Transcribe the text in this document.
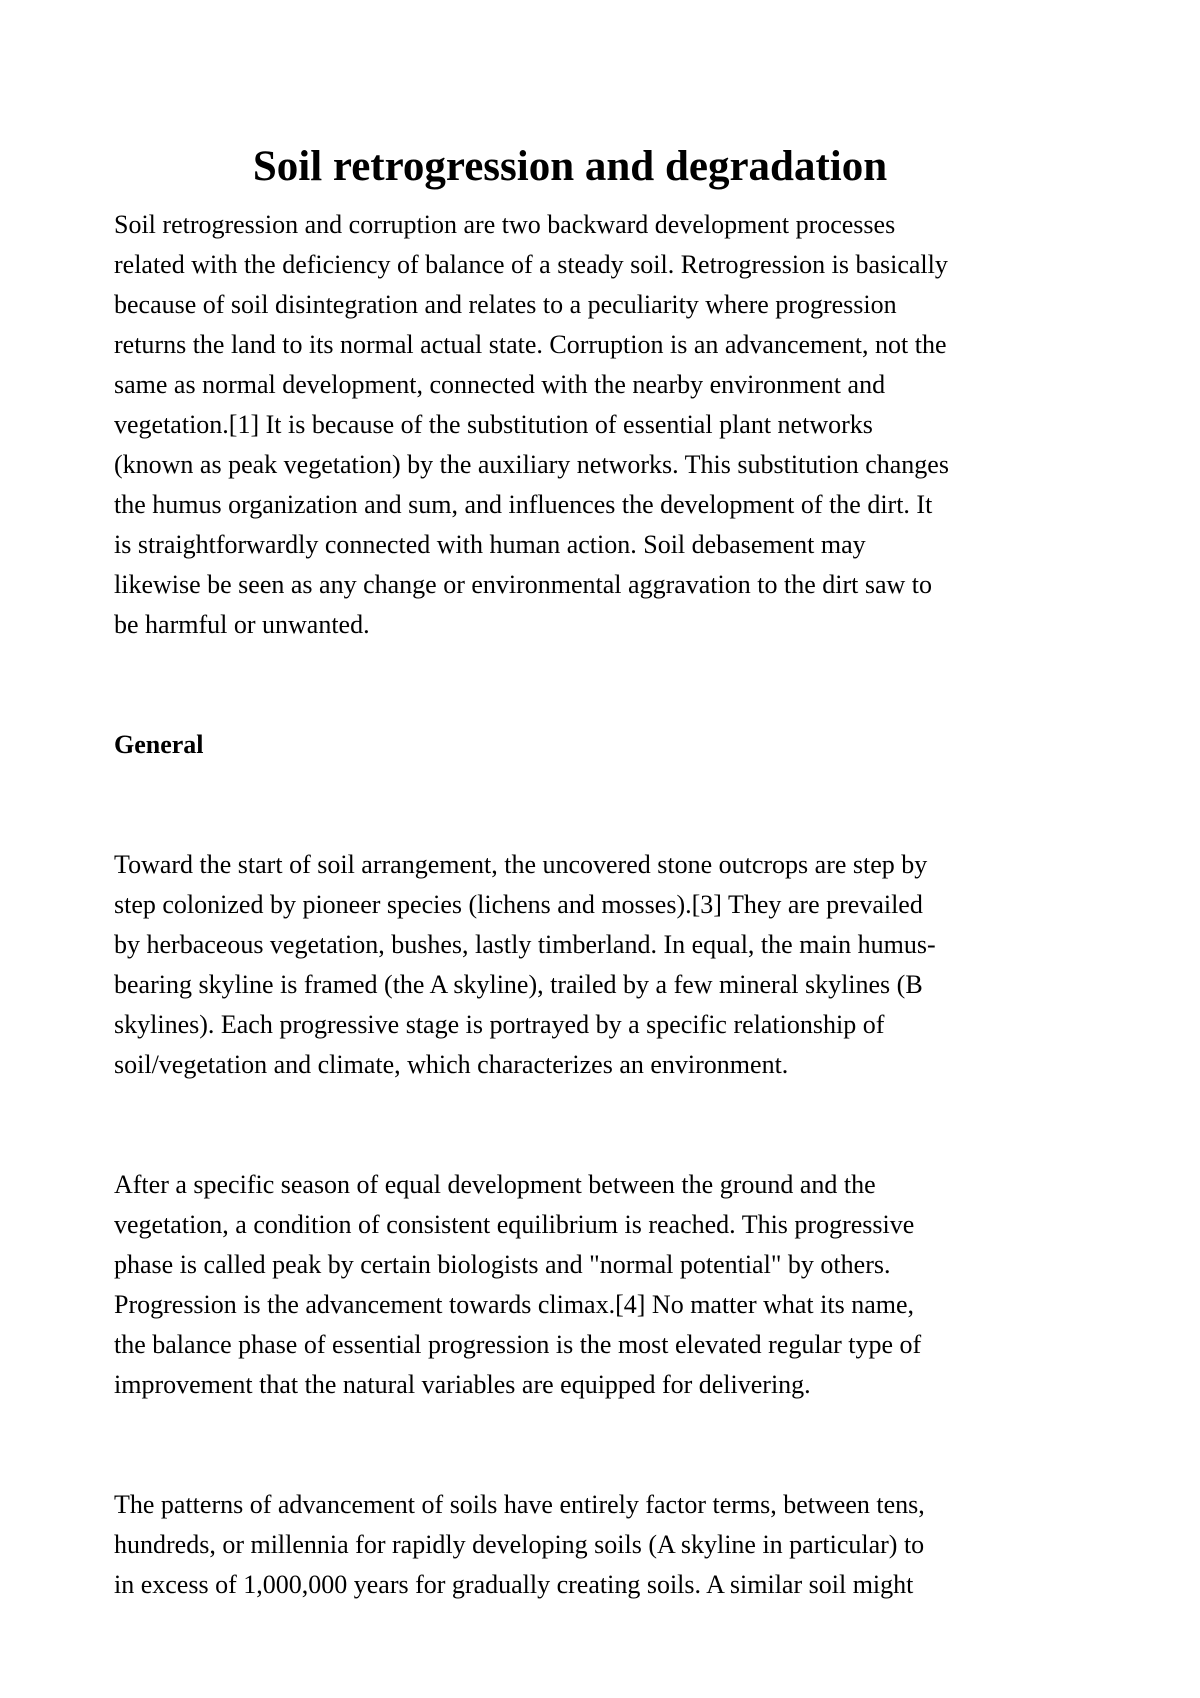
Soil retrogression and degradation

Soil retrogression and corruption are two backward development processes
related with the deficiency of balance of a steady soil. Retrogression is basically
because of soil disintegration and relates to a peculiarity where progression
returns the land to its normal actual state. Corruption is an advancement, not the
same as normal development, connected with the nearby environment and
vegetation.[1] It is because of the substitution of essential plant networks
(known as peak vegetation) by the auxiliary networks. This substitution changes
the humus organization and sum, and influences the development of the dirt. It
is straightforwardly connected with human action. Soil debasement may
likewise be seen as any change or environmental aggravation to the dirt saw to
be harmful or unwanted.

General

Toward the start of soil arrangement, the uncovered stone outcrops are step by
step colonized by pioneer species (lichens and mosses).[3] They are prevailed
by herbaceous vegetation, bushes, lastly timberland. In equal, the main humus-
bearing skyline is framed (the A skyline), trailed by a few mineral skylines (B
skylines). Each progressive stage is portrayed by a specific relationship of
soil/vegetation and climate, which characterizes an environment.

After a specific season of equal development between the ground and the
vegetation, a condition of consistent equilibrium is reached. This progressive
phase is called peak by certain biologists and "normal potential" by others.
Progression is the advancement towards climax.[4] No matter what its name,
the balance phase of essential progression is the most elevated regular type of
improvement that the natural variables are equipped for delivering.

The patterns of advancement of soils have entirely factor terms, between tens,
hundreds, or millennia for rapidly developing soils (A skyline in particular) to
in excess of 1,000,000 years for gradually creating soils. A similar soil might
